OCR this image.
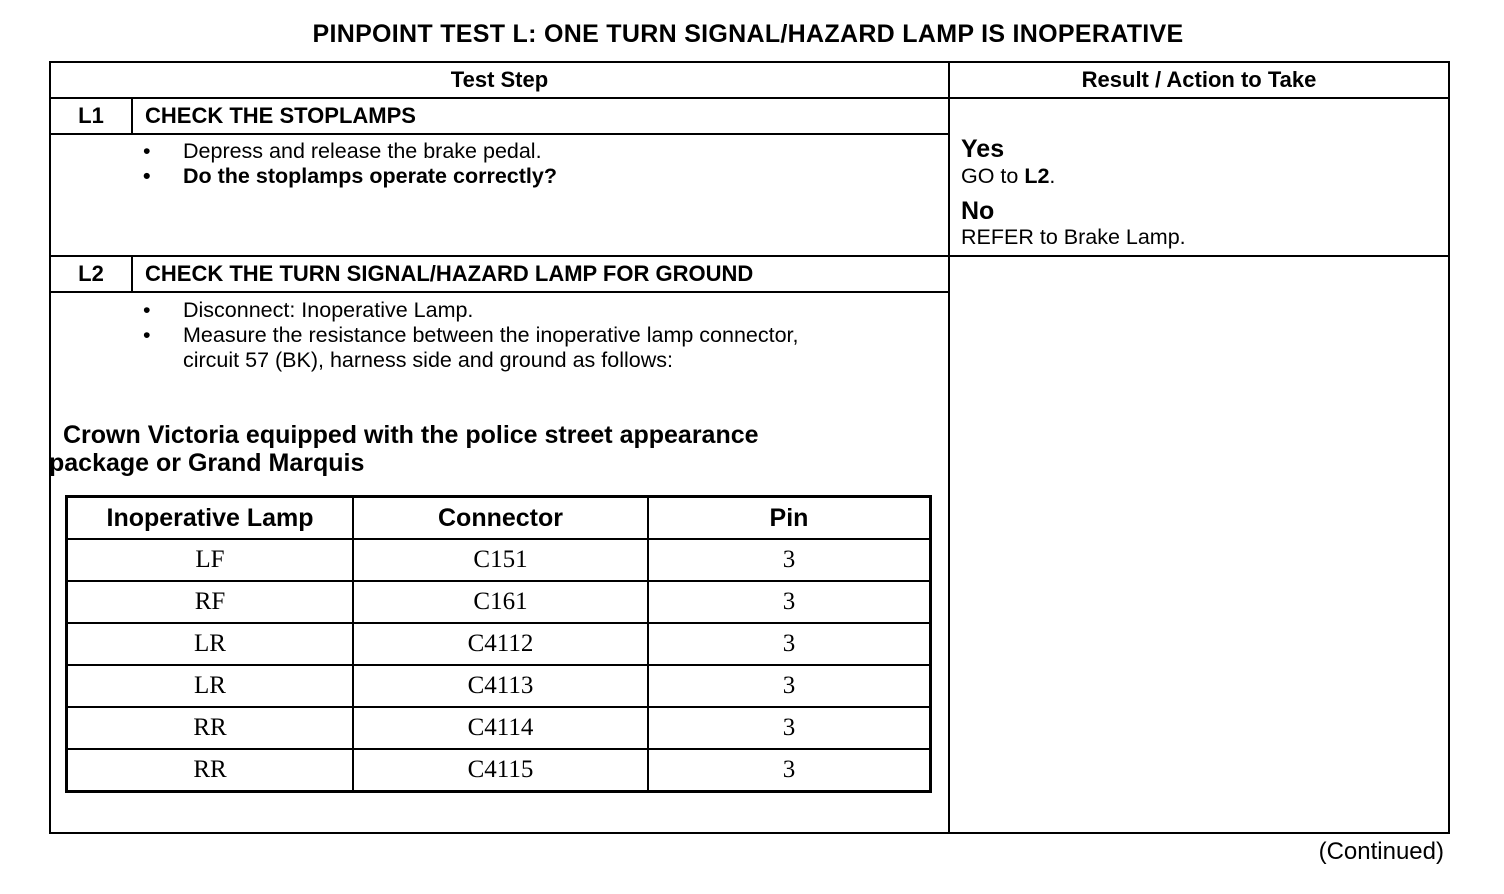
PINPOINT TEST L: ONE TURN SIGNAL/HAZARD LAMP IS INOPERATIVE
Test Step	Result / Action to Take
L1	CHECK THE STOPLAMPS
• Depress and release the brake pedal.
• Do the stoplamps operate correctly?
Yes
GO to L2.
No
REFER to Brake Lamp.
L2	CHECK THE TURN SIGNAL/HAZARD LAMP FOR GROUND
• Disconnect: Inoperative Lamp.
• Measure the resistance between the inoperative lamp connector,
circuit 57 (BK), harness side and ground as follows:
Crown Victoria equipped with the police street appearance
package or Grand Marquis
Inoperative Lamp	Connector	Pin
LF	C151	3
RF	C161	3
LR	C4112	3
LR	C4113	3
RR	C4114	3
RR	C4115	3
(Continued)
